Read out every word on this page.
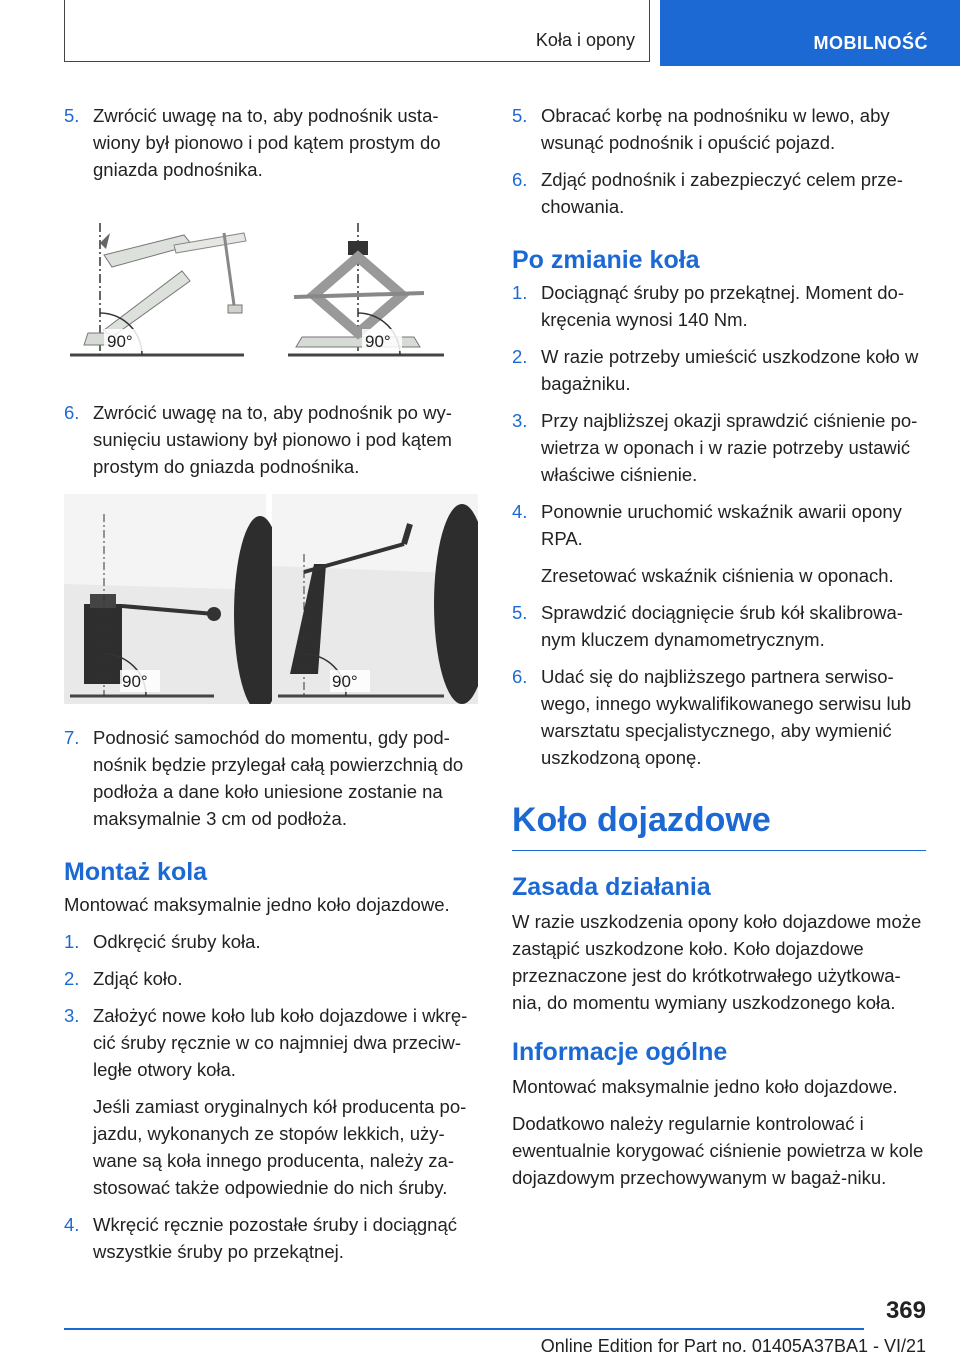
Koła i opony	MOBILNOŚĆ
5. Zwrócić uwagę na to, aby podnośnik usta-wiony był pionowo i pod kątem prostym do gniazda podnośnika.
90°	90°
6. Zwrócić uwagę na to, aby podnośnik po wy-sunięciu ustawiony był pionowo i pod kątem prostym do gniazda podnośnika.
90°	90°
7. Podnosić samochód do momentu, gdy pod-nośnik będzie przylegał całą powierzchnią do podłoża a dane koło uniesione zostanie na maksymalnie 3 cm od podłoża.
Montaż kola
Montować maksymalnie jedno koło dojazdowe.
1. Odkręcić śruby koła.
2. Zdjąć koło.
3. Założyć nowe koło lub koło dojazdowe i wkrę-cić śruby ręcznie w co najmniej dwa przeciw-ległe otwory koła.
Jeśli zamiast oryginalnych kół producenta po-jazdu, wykonanych ze stopów lekkich, uży-wane są koła innego producenta, należy za-stosować także odpowiednie do nich śruby.
4. Wkręcić ręcznie pozostałe śruby i dociągnąć wszystkie śruby po przekątnej.
5. Obracać korbę na podnośniku w lewo, aby wsunąć podnośnik i opuścić pojazd.
6. Zdjąć podnośnik i zabezpieczyć celem prze-chowania.
Po zmianie koła
1. Dociągnąć śruby po przekątnej. Moment do-kręcenia wynosi 140 Nm.
2. W razie potrzeby umieścić uszkodzone koło w bagażniku.
3. Przy najbliższej okazji sprawdzić ciśnienie po-wietrza w oponach i w razie potrzeby ustawić właściwe ciśnienie.
4. Ponownie uruchomić wskaźnik awarii opony RPA.
Zresetować wskaźnik ciśnienia w oponach.
5. Sprawdzić dociągnięcie śrub kół skalibrowa-nym kluczem dynamometrycznym.
6. Udać się do najbliższego partnera serwiso-wego, innego wykwalifikowanego serwisu lub warsztatu specjalistycznego, aby wymienić uszkodzoną oponę.
Koło dojazdowe
Zasada działania
W razie uszkodzenia opony koło dojazdowe może zastąpić uszkodzone koło. Koło dojazdowe przeznaczone jest do krótkotrwałego użytkowa-nia, do momentu wymiany uszkodzonego koła.
Informacje ogólne
Montować maksymalnie jedno koło dojazdowe.
Dodatkowo należy regularnie kontrolować i ewentualnie korygować ciśnienie powietrza w kole dojazdowym przechowywanym w bagaż-niku.
369
Online Edition for Part no. 01405A37BA1 - VI/21
